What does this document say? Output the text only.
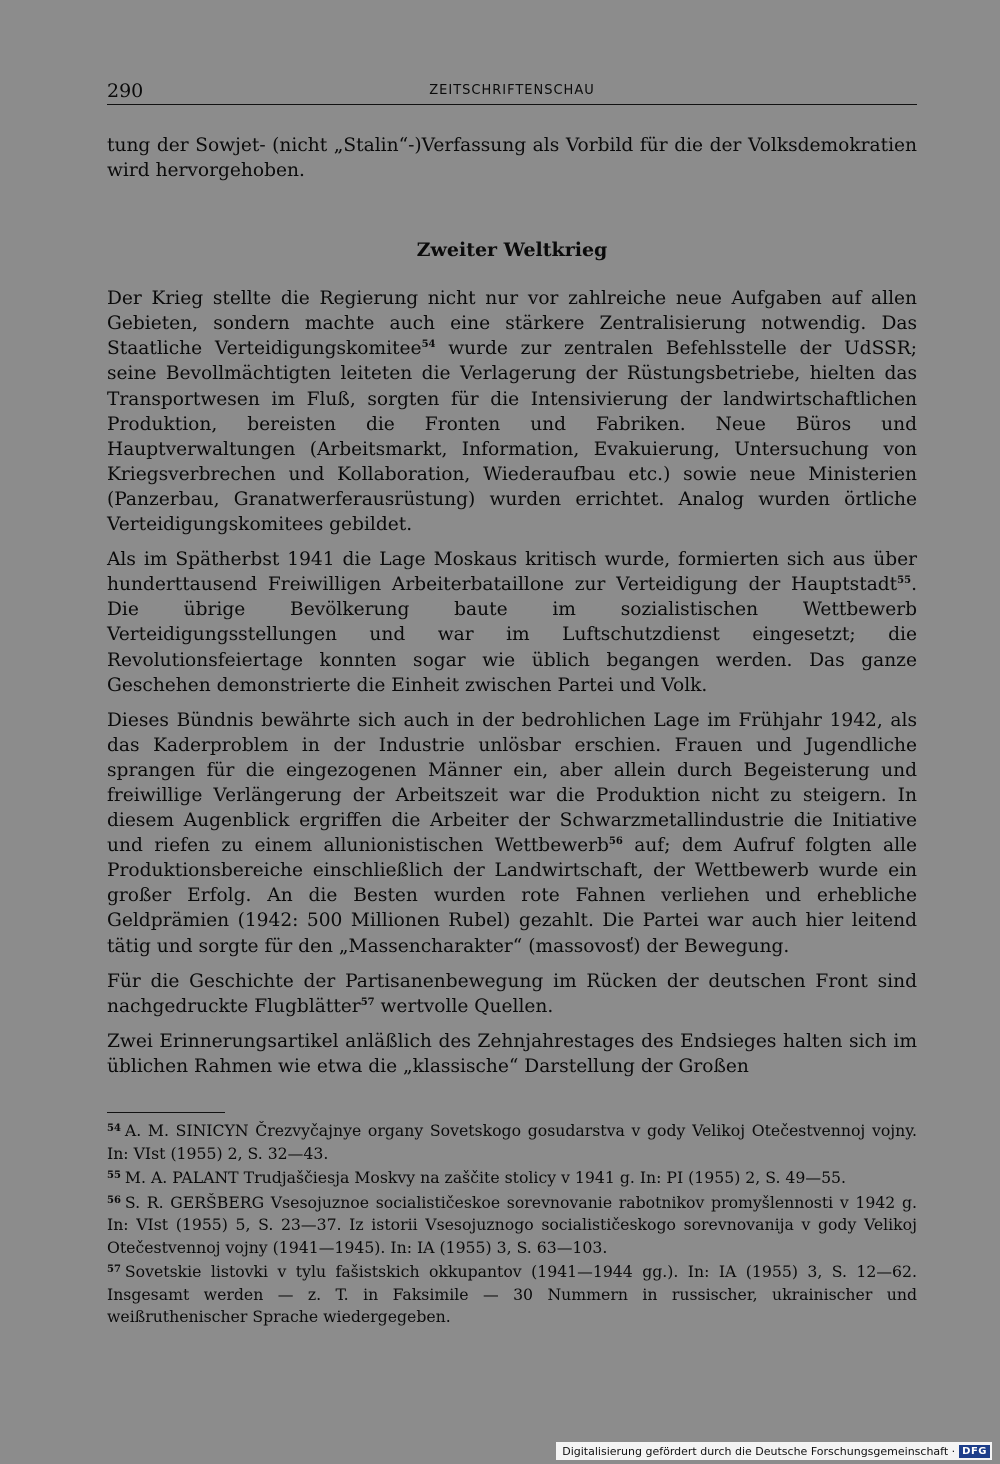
290	ZEITSCHRIFTENSCHAU

tung der Sowjet- (nicht „Stalin“-)Verfassung als Vorbild für die der Volksdemokratien wird hervorgehoben.

Zweiter Weltkrieg

Der Krieg stellte die Regierung nicht nur vor zahlreiche neue Aufgaben auf allen Gebieten, sondern machte auch eine stärkere Zentralisierung notwendig. Das Staatliche Verteidigungskomitee$^{54}$ wurde zur zentralen Befehlsstelle der UdSSR; seine Bevollmächtigten leiteten die Verlagerung der Rüstungsbetriebe, hielten das Transportwesen im Fluß, sorgten für die Intensivierung der landwirtschaftlichen Produktion, bereisten die Fronten und Fabriken. Neue Büros und Hauptverwaltungen (Arbeitsmarkt, Information, Evakuierung, Untersuchung von Kriegsverbrechen und Kollaboration, Wiederaufbau etc.) sowie neue Ministerien (Panzerbau, Granatwerferausrüstung) wurden errichtet. Analog wurden örtliche Verteidigungskomitees gebildet.

Als im Spätherbst 1941 die Lage Moskaus kritisch wurde, formierten sich aus über hunderttausend Freiwilligen Arbeiterbataillone zur Verteidigung der Hauptstadt$^{55}$. Die übrige Bevölkerung baute im sozialistischen Wettbewerb Verteidigungsstellungen und war im Luftschutzdienst eingesetzt; die Revolutionsfeiertage konnten sogar wie üblich begangen werden. Das ganze Geschehen demonstrierte die Einheit zwischen Partei und Volk.

Dieses Bündnis bewährte sich auch in der bedrohlichen Lage im Frühjahr 1942, als das Kaderproblem in der Industrie unlösbar erschien. Frauen und Jugendliche sprangen für die eingezogenen Männer ein, aber allein durch Begeisterung und freiwillige Verlängerung der Arbeitszeit war die Produktion nicht zu steigern. In diesem Augenblick ergriffen die Arbeiter der Schwarzmetallindustrie die Initiative und riefen zu einem allunionistischen Wettbewerb$^{56}$ auf; dem Aufruf folgten alle Produktionsbereiche einschließlich der Landwirtschaft, der Wettbewerb wurde ein großer Erfolg. An die Besten wurden rote Fahnen verliehen und erhebliche Geldprämien (1942: 500 Millionen Rubel) gezahlt. Die Partei war auch hier leitend tätig und sorgte für den „Massencharakter“ (massovosť) der Bewegung.

Für die Geschichte der Partisanenbewegung im Rücken der deutschen Front sind nachgedruckte Flugblätter$^{57}$ wertvolle Quellen.

Zwei Erinnerungsartikel anläßlich des Zehnjahrestages des Endsieges halten sich im üblichen Rahmen wie etwa die „klassische“ Darstellung der Großen

$^{54}$ A. M. SINICYN Črezvyčajnye organy Sovetskogo gosudarstva v gody Velikoj Otečestvennoj vojny. In: VIst (1955) 2, S. 32—43.

$^{55}$ M. A. PALANT Trudjaščiesja Moskvy na zaščite stolicy v 1941 g. In: PI (1955) 2, S. 49—55.

$^{56}$ S. R. GERŠBERG Vsesojuznoe socialističeskoe sorevnovanie rabotnikov promyšlennosti v 1942 g. In: VIst (1955) 5, S. 23—37. Iz istorii Vsesojuznogo socialističeskogo sorevnovanija v gody Velikoj Otečestvennoj vojny (1941—1945). In: IA (1955) 3, S. 63—103.

$^{57}$ Sovetskie listovki v tylu fašistskich okkupantov (1941—1944 gg.). In: IA (1955) 3, S. 12—62. Insgesamt werden — z. T. in Faksimile — 30 Nummern in russischer, ukrainischer und weißruthenischer Sprache wiedergegeben.

Digitalisierung gefördert durch die Deutsche Forschungsgemeinschaft · DFG
